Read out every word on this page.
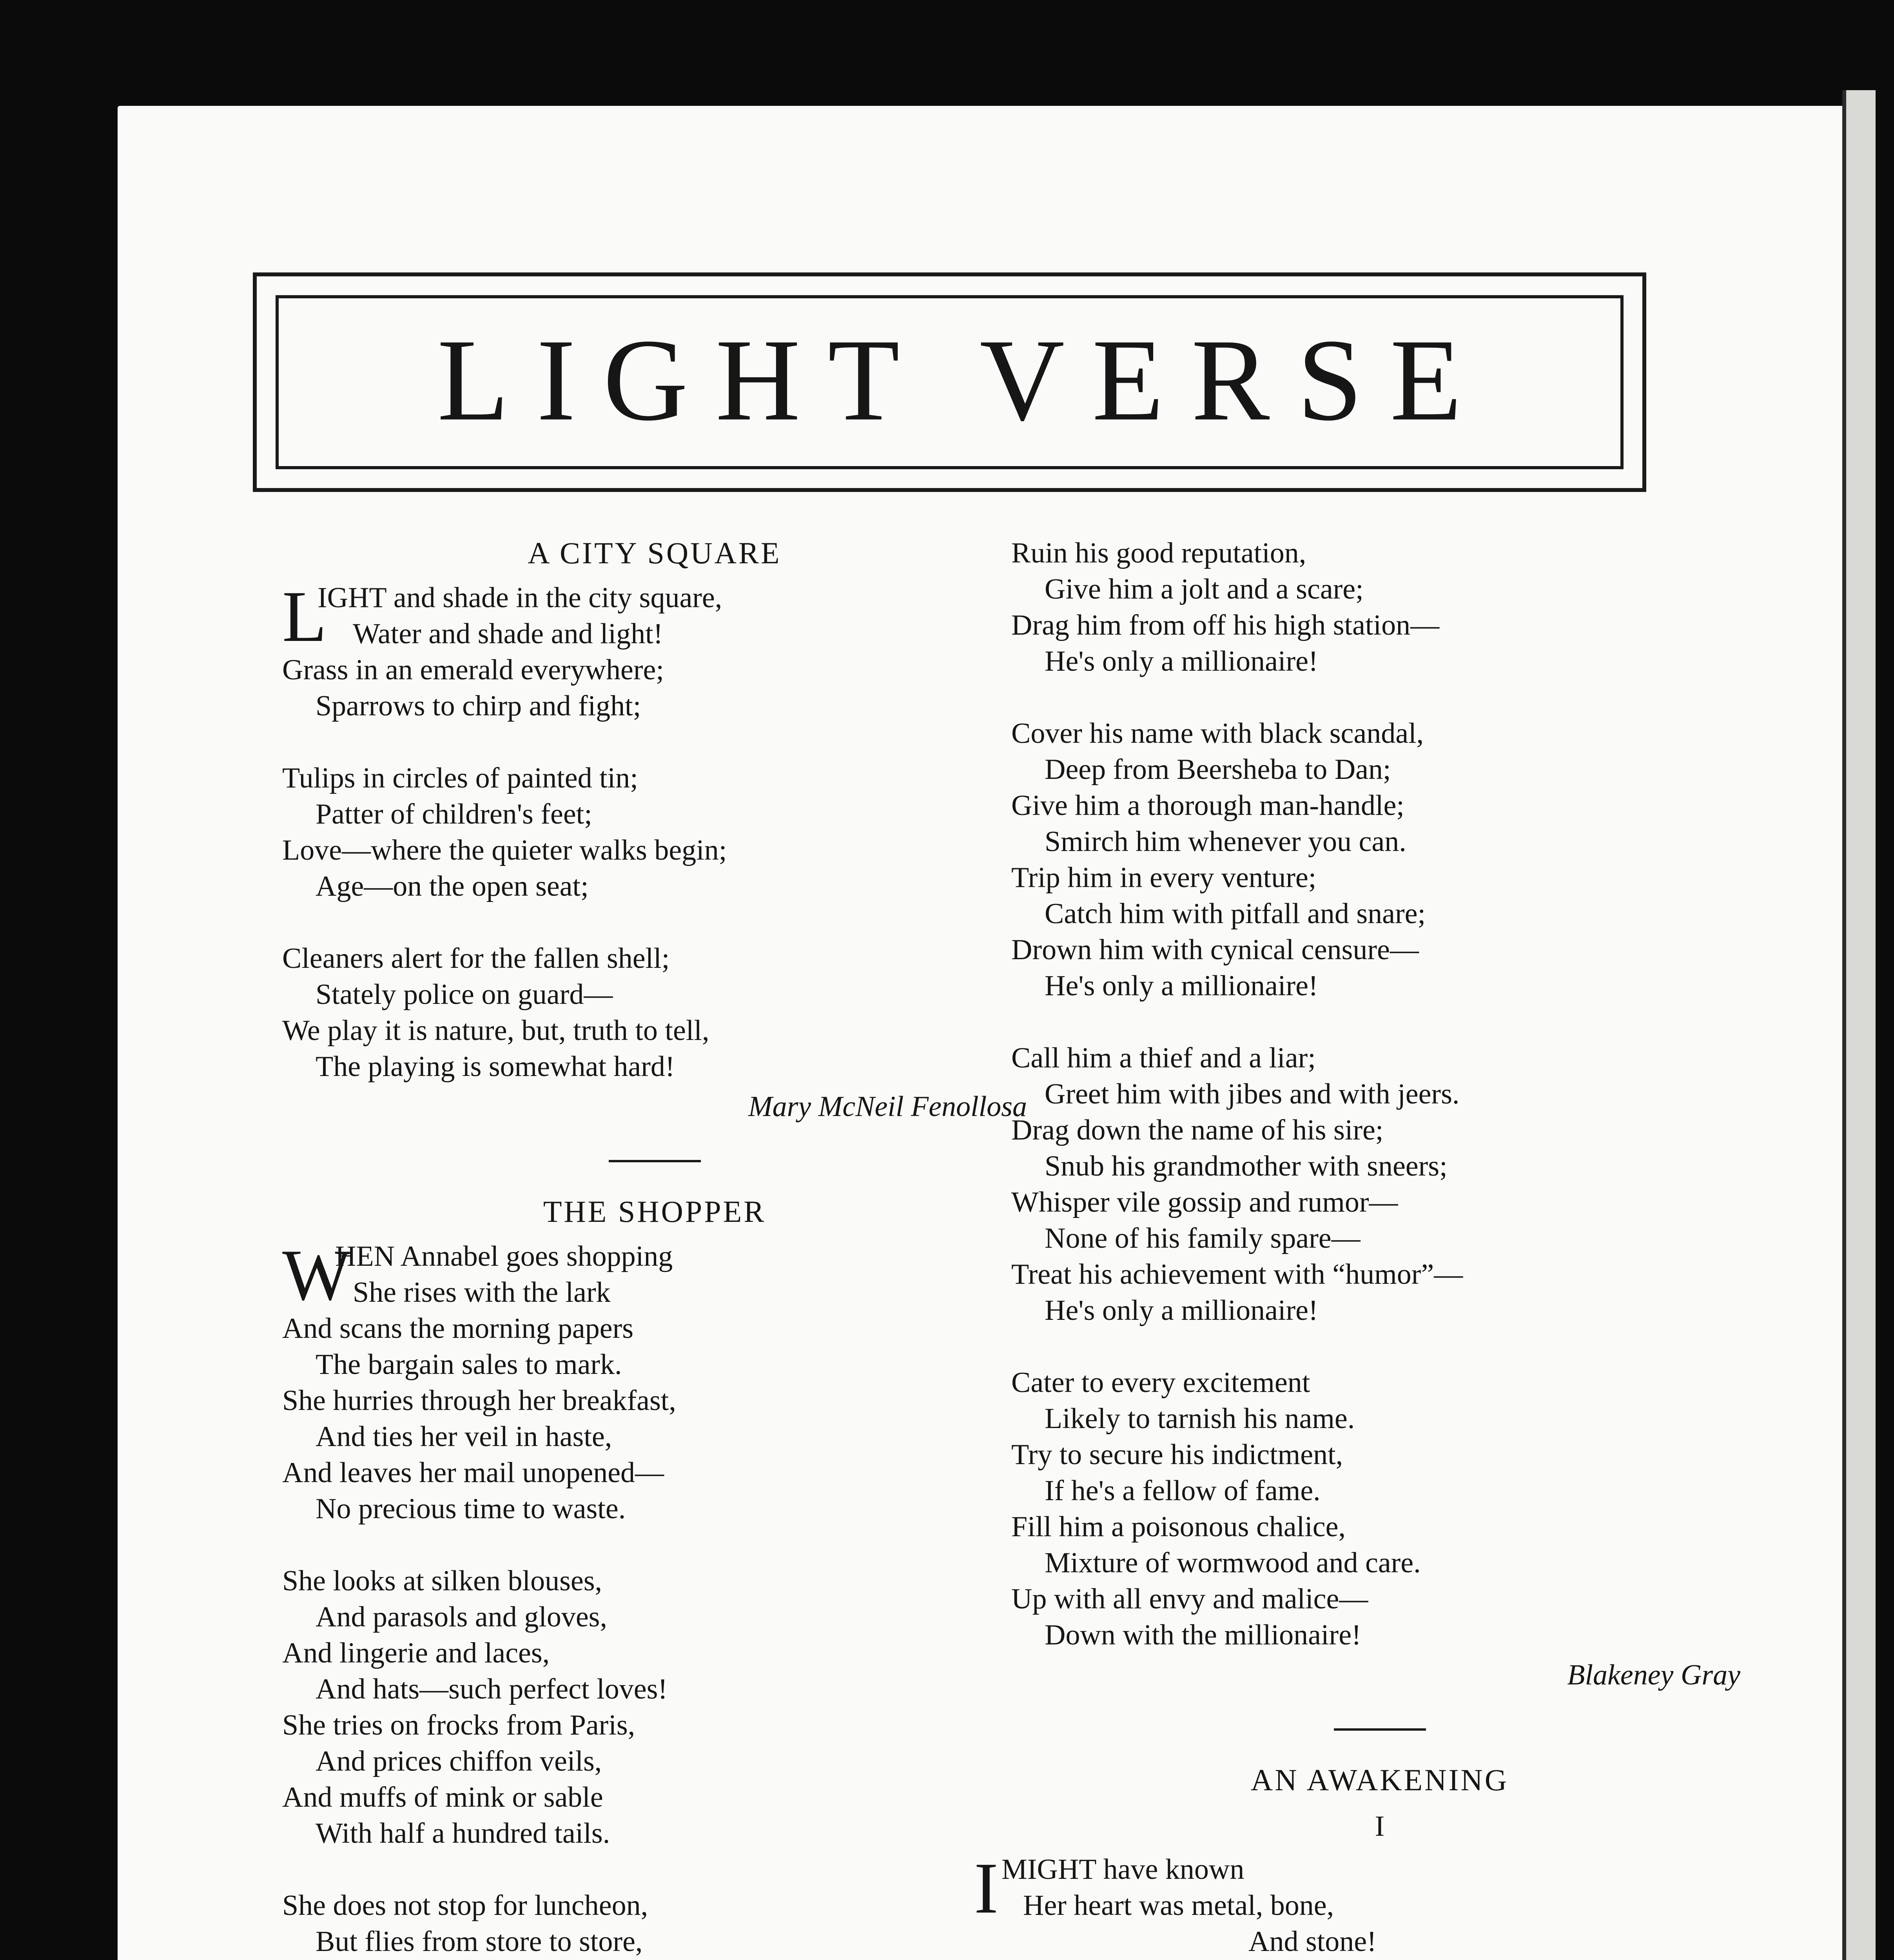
LIGHT VERSE
A CITY SQUARE
L
IGHT and shade in the city square,
Water and shade and light!
Grass in an emerald everywhere;
Sparrows to chirp and fight;
Tulips in circles of painted tin;
Patter of children's feet;
Love—where the quieter walks begin;
Age—on the open seat;
Cleaners alert for the fallen shell;
Stately police on guard—
We play it is nature, but, truth to tell,
The playing is somewhat hard!
Mary McNeil Fenollosa
THE SHOPPER
W
HEN Annabel goes shopping
She rises with the lark
And scans the morning papers
The bargain sales to mark.
She hurries through her breakfast,
And ties her veil in haste,
And leaves her mail unopened—
No precious time to waste.
She looks at silken blouses,
And parasols and gloves,
And lingerie and laces,
And hats—such perfect loves!
She tries on frocks from Paris,
And prices chiffon veils,
And muffs of mink or sable
With half a hundred tails.
She does not stop for luncheon,
But flies from store to store,
Ruin his good reputation,
Give him a jolt and a scare;
Drag him from off his high station—
He's only a millionaire!
Cover his name with black scandal,
Deep from Beersheba to Dan;
Give him a thorough man-handle;
Smirch him whenever you can.
Trip him in every venture;
Catch him with pitfall and snare;
Drown him with cynical censure—
He's only a millionaire!
Call him a thief and a liar;
Greet him with jibes and with jeers.
Drag down the name of his sire;
Snub his grandmother with sneers;
Whisper vile gossip and rumor—
None of his family spare—
Treat his achievement with “humor”—
He's only a millionaire!
Cater to every excitement
Likely to tarnish his name.
Try to secure his indictment,
If he's a fellow of fame.
Fill him a poisonous chalice,
Mixture of wormwood and care.
Up with all envy and malice—
Down with the millionaire!
Blakeney Gray
AN AWAKENING
I
I MIGHT have known
Her heart was metal, bone,
And stone!
